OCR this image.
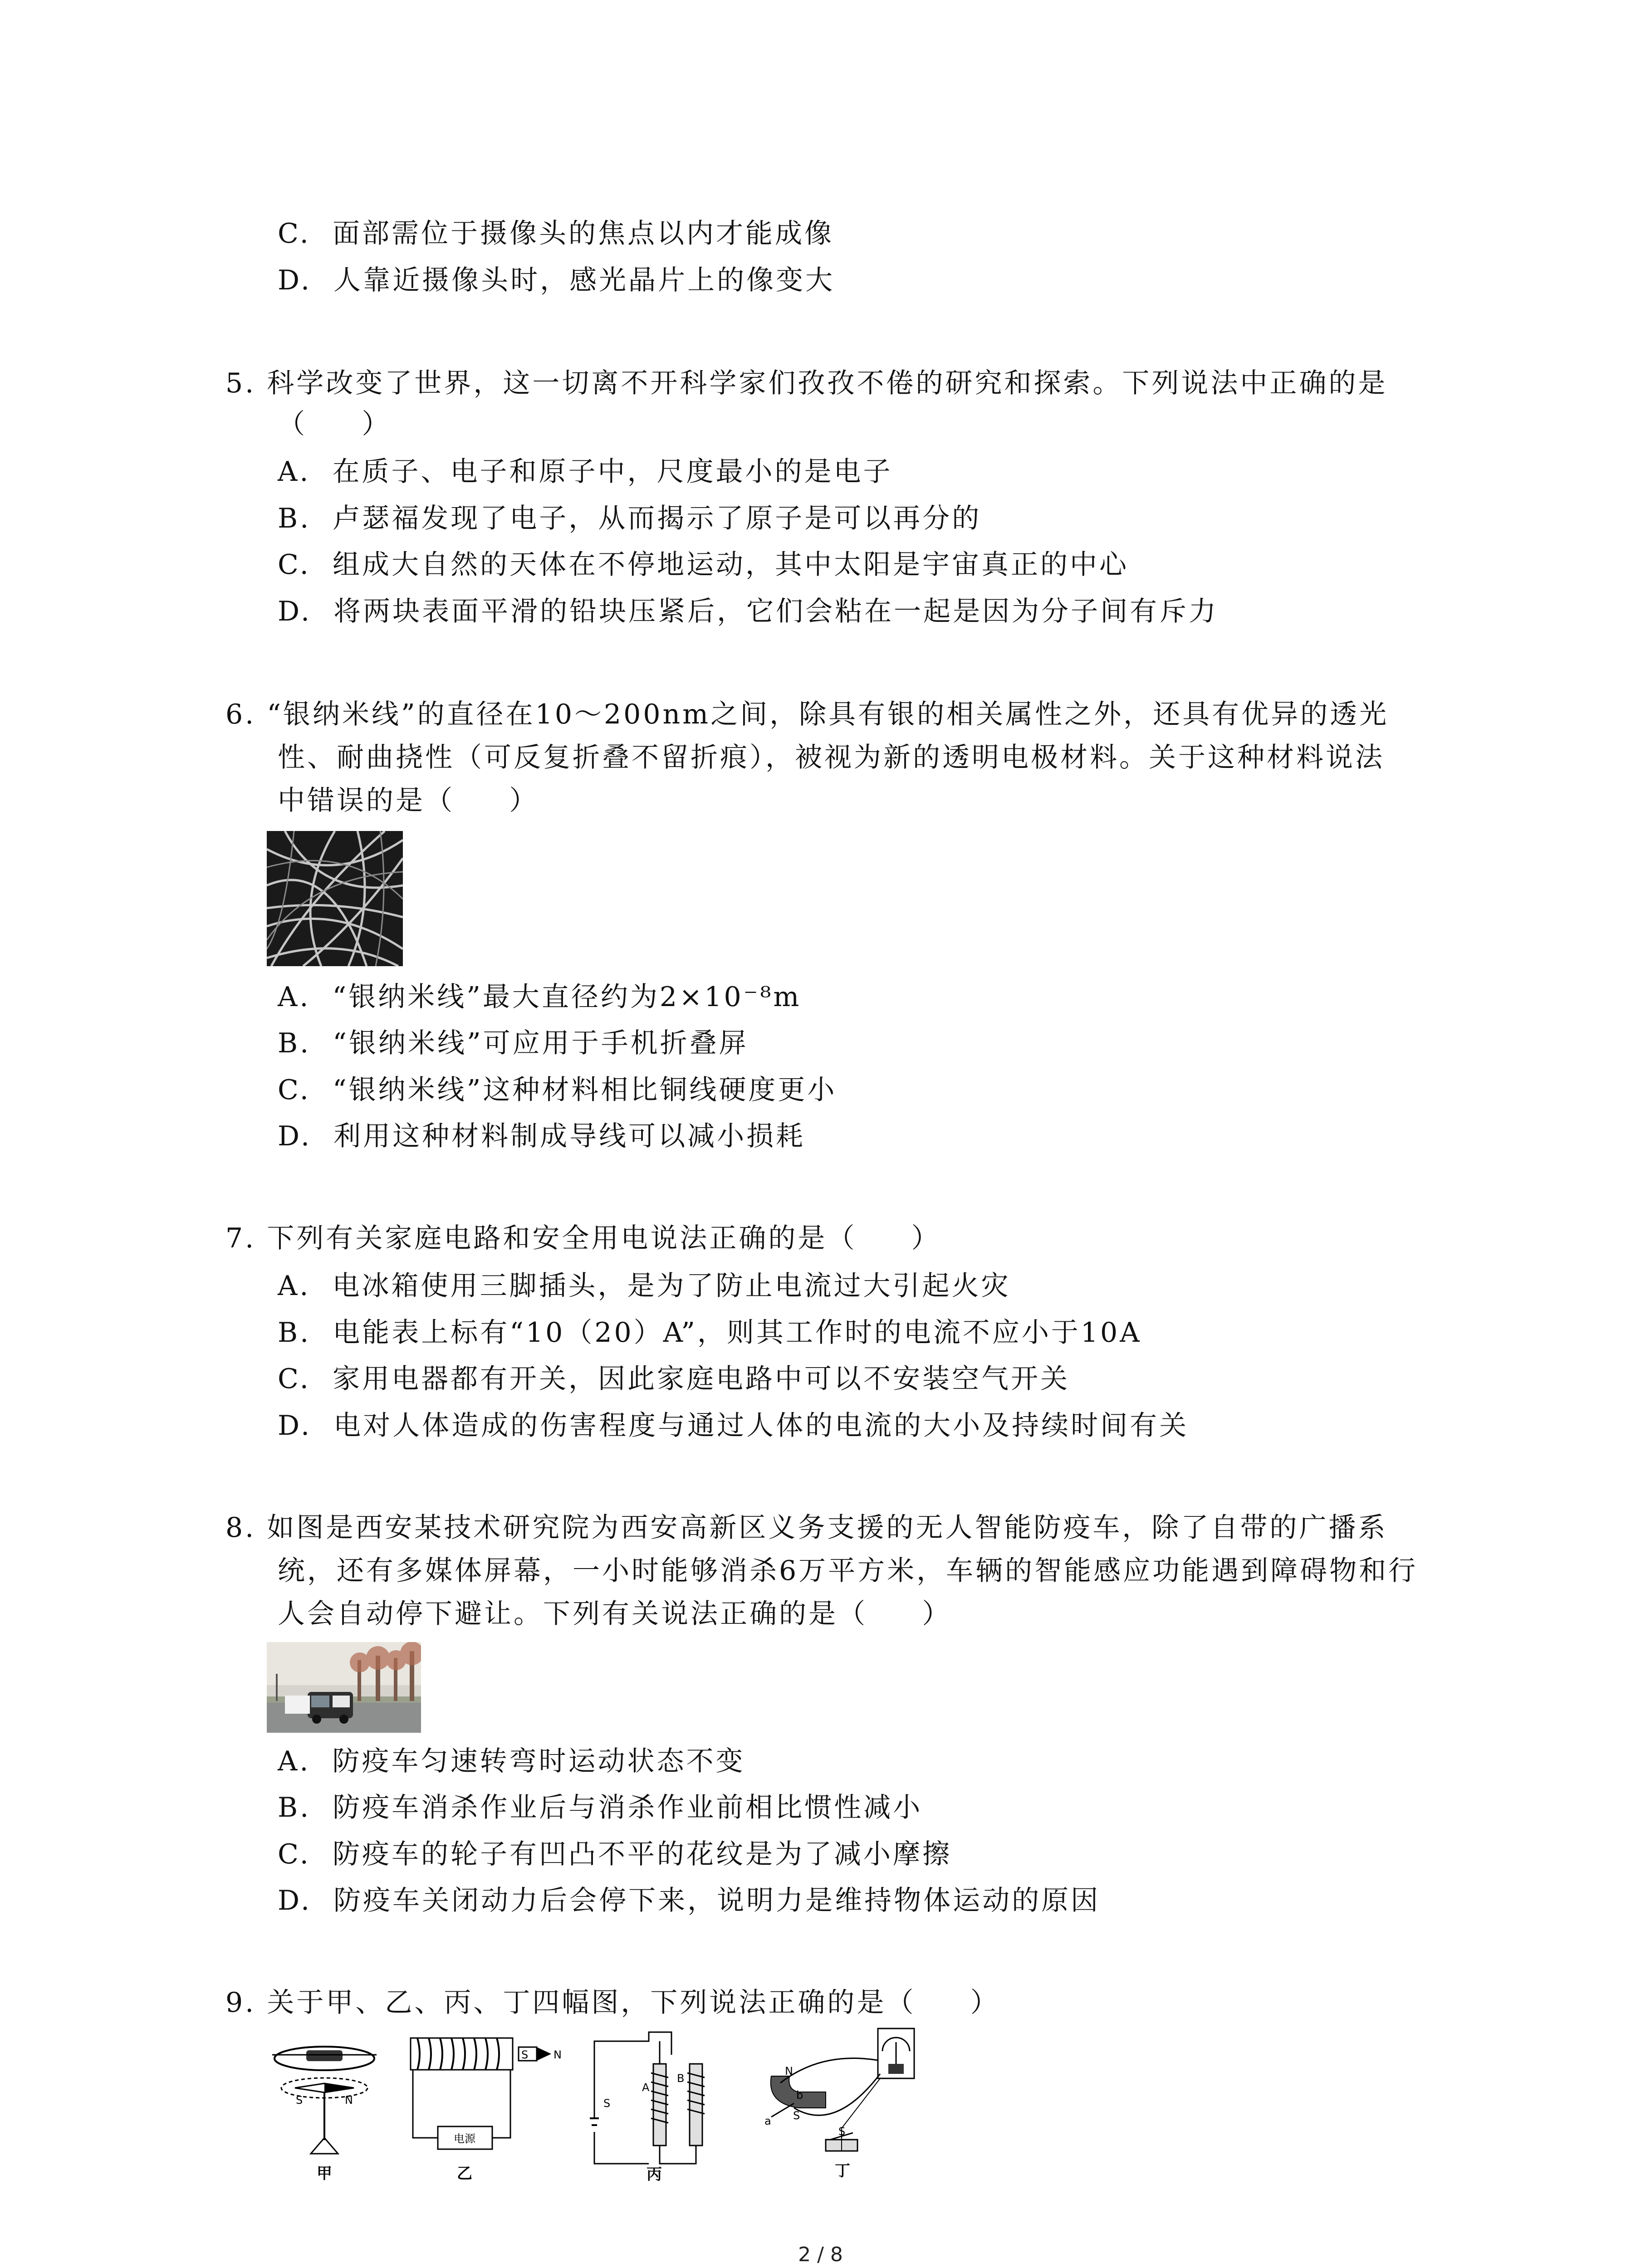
C.  面部需位于摄像头的焦点以内才能成像
D.  人靠近摄像头时，感光晶片上的像变大
5. 科学改变了世界，这一切离不开科学家们孜孜不倦的研究和探索。下列说法中正确的是
（     ）
A.  在质子、电子和原子中，尺度最小的是电子
B.  卢瑟福发现了电子，从而揭示了原子是可以再分的
C.  组成大自然的天体在不停地运动，其中太阳是宇宙真正的中心
D.  将两块表面平滑的铅块压紧后，它们会粘在一起是因为分子间有斥力
6. “银纳米线”的直径在10～200nm之间，除具有银的相关属性之外，还具有优异的透光
性、耐曲挠性（可反复折叠不留折痕），被视为新的透明电极材料。关于这种材料说法
中错误的是（     ）
A.  “银纳米线”最大直径约为2×10⁻⁸m
B.  “银纳米线”可应用于手机折叠屏
C.  “银纳米线”这种材料相比铜线硬度更小
D.  利用这种材料制成导线可以减小损耗
7. 下列有关家庭电路和安全用电说法正确的是（     ）
A.  电冰箱使用三脚插头，是为了防止电流过大引起火灾
B.  电能表上标有“10（20）A”，则其工作时的电流不应小于10A
C.  家用电器都有开关，因此家庭电路中可以不安装空气开关
D.  电对人体造成的伤害程度与通过人体的电流的大小及持续时间有关
8. 如图是西安某技术研究院为西安高新区义务支援的无人智能防疫车，除了自带的广播系
统，还有多媒体屏幕，一小时能够消杀6万平方米，车辆的智能感应功能遇到障碍物和行
人会自动停下避让。下列有关说法正确的是（     ）
A.  防疫车匀速转弯时运动状态不变
B.  防疫车消杀作业后与消杀作业前相比惯性减小
C.  防疫车的轮子有凹凸不平的花纹是为了减小摩擦
D.  防疫车关闭动力后会停下来，说明力是维持物体运动的原因
9. 关于甲、乙、丙、丁四幅图，下列说法正确的是（     ）
S	N
甲
S N
电源
乙
S
A
B
丙
N
S
a
b
S
丁
2 / 8
